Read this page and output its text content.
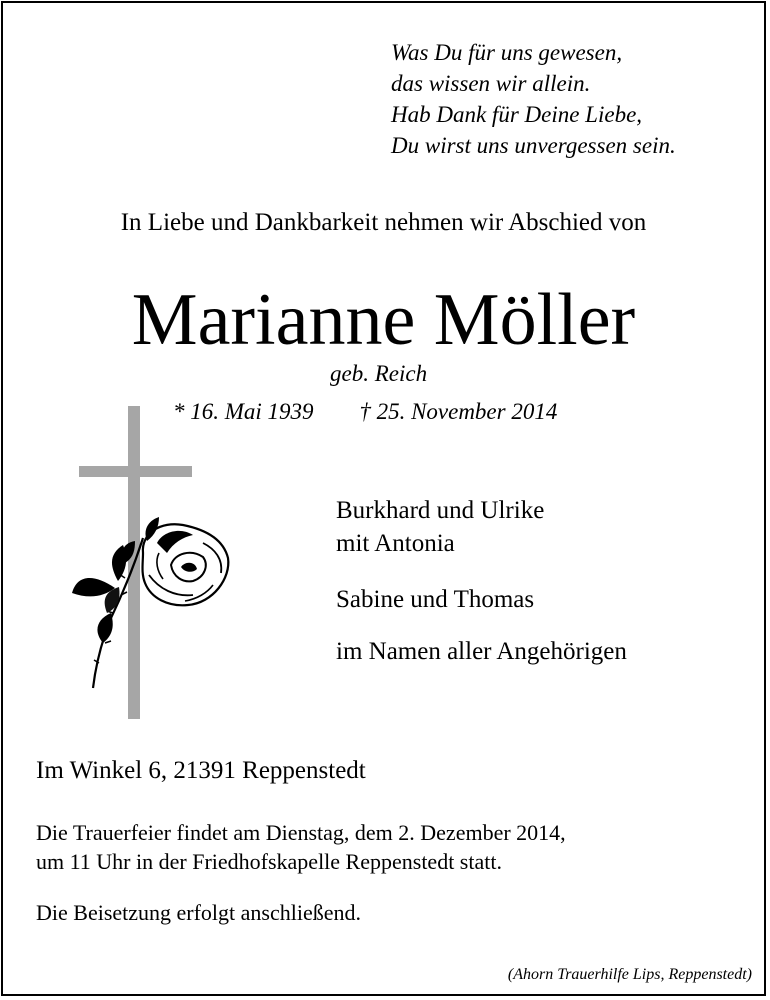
Was Du für uns gewesen,
das wissen wir allein.
Hab Dank für Deine Liebe,
Du wirst uns unvergessen sein.
In Liebe und Dankbarkeit nehmen wir Abschied von
Marianne Möller
geb. Reich
* 16. Mai 1939 † 25. November 2014
Burkhard und Ulrike
mit Antonia
Sabine und Thomas
im Namen aller Angehörigen
Im Winkel 6, 21391 Reppenstedt
Die Trauerfeier findet am Dienstag, dem 2. Dezember 2014,
um 11 Uhr in der Friedhofskapelle Reppenstedt statt.
Die Beisetzung erfolgt anschließend.
(Ahorn Trauerhilfe Lips, Reppenstedt)
